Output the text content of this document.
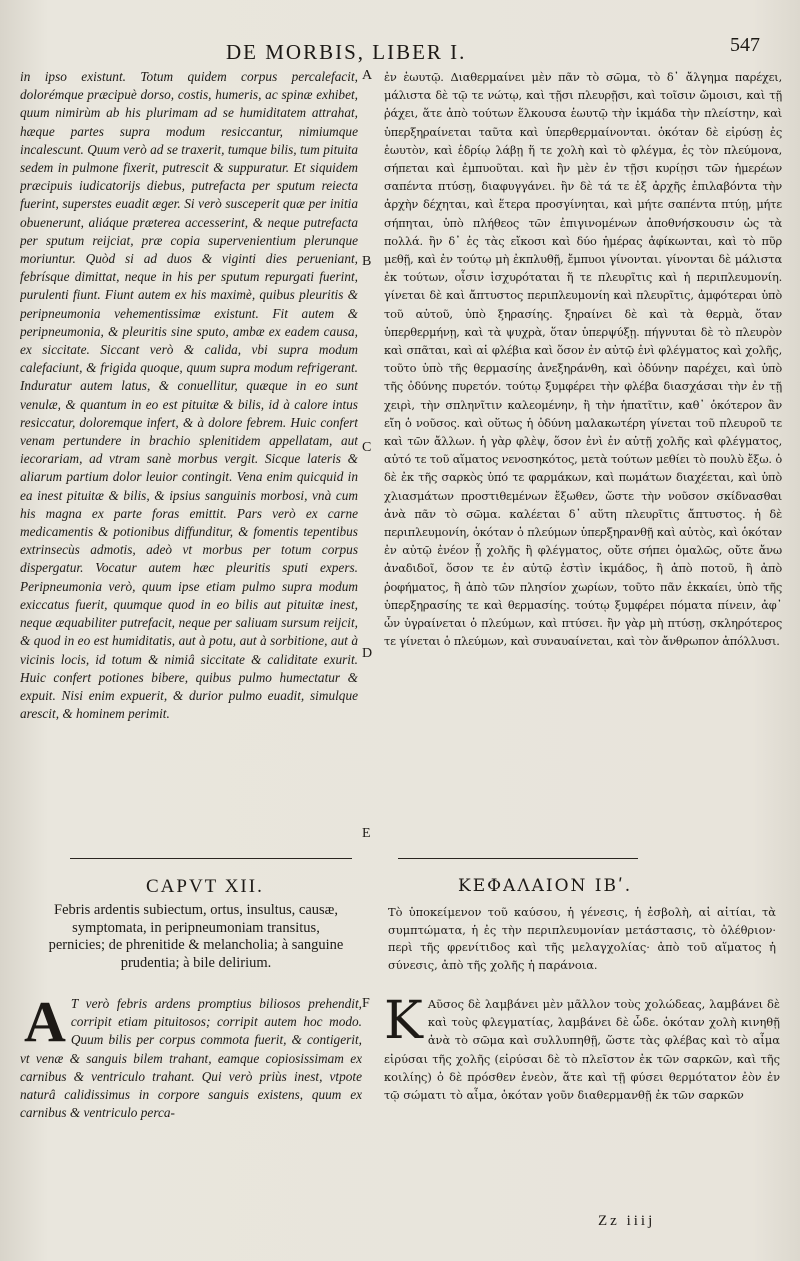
DE MORBIS, LIBER I.	547
in ipso existunt. Totum quidem corpus percalefacit, dolorémque præcipuè dorso, costis, humeris, ac spinæ exhibet, quum nimirùm ab his plurimam ad se humiditatem attrahat, hæque partes supra modum resiccantur, nimiumque incalescunt. Quum verò ad se traxerit, tumque bilis, tum pituita sedem in pulmone fixerit, putrescit & suppuratur. Et siquidem præcipuis iudicatorijs diebus, putrefacta per sputum reiecta fuerint, superstes euadit æger. Si verò susceperit quæ per initia obuenerunt, aliáque præterea accesserint, & neque putrefacta per sputum reijciat, præ copia supervenientium plerunque moriuntur. Quòd si ad duos & viginti dies perueniant, febrísque dimittat, neque in his per sputum repurgati fuerint, purulenti fiunt. Fiunt autem ex his maximè, quibus pleuritis & peripneumonia vehementissimæ existunt. Fit autem & peripneumonia, & pleuritis sine sputo, ambæ ex eadem causa, ex siccitate. Siccant verò & calida, vbi supra modum calefaciunt, & frigida quoque, quum supra modum refrigerant. Induratur autem latus, & conuellitur, quæque in eo sunt venulæ, & quantum in eo est pituitæ & bilis, id à calore intus resiccatur, doloremque infert, & à dolore febrem. Huic confert venam pertundere in brachio splenitidem appellatam, aut iecorariam, ad vtram sanè morbus vergit. Sicque lateris & aliarum partium dolor leuior contingit. Vena enim quicquid in ea inest pituitæ & bilis, & ipsius sanguinis morbosi, vnà cum his magna ex parte foras emittit. Pars verò ex carne medicamentis & potionibus diffunditur, & fomentis tepentibus extrinsecùs admotis, adeò vt morbus per totum corpus dispergatur. Vocatur autem hæc pleuritis sputi expers. Peripneumonia verò, quum ipse etiam pulmo supra modum exiccatus fuerit, quumque quod in eo bilis aut pituitæ inest, neque æquabiliter putrefacit, neque per saliuam sursum reijcit, & quod in eo est humiditatis, aut à potu, aut à sorbitione, aut à vicinis locis, id totum & nimiâ siccitate & caliditate exurit. Huic confert potiones bibere, quibus pulmo humectatur & expuit. Nisi enim expuerit, & durior pulmo euadit, simulque arescit, & hominem perimit.
A
B
C
D
E
F
ἐν ἑωυτῷ. Διαθερμαίνει μὲν πᾶν τὸ σῶμα, τὸ δ᾽ ἄλγημα παρέχει, μάλιστα δὲ τῷ τε νώτῳ, καὶ τῇσι πλευρῇσι, καὶ τοῖσιν ὤμοισι, καὶ τῇ ῥάχει, ἅτε ἀπὸ τούτων ἕλκουσα ἑωυτῷ τὴν ἰκμάδα τὴν πλείστην, καὶ ὑπερξηραίνεται ταῦτα καὶ ὑπερθερμαίνονται. ὁκόταν δὲ εἰρύσῃ ἐς ἑωυτὸν, καὶ ἑδρίῳ λάβῃ ἥ τε χολὴ καὶ τὸ φλέγμα, ἐς τὸν πλεύμονα, σήπεται καὶ ἐμπυοῦται. καὶ ἢν μὲν ἐν τῇσι κυρίῃσι τῶν ἡμερέων σαπέντα πτύσῃ, διαφυγγάνει. ἢν δὲ τά τε ἐξ ἀρχῆς ἐπιλαβόντα τὴν ἀρχὴν δέχηται, καὶ ἕτερα προσγίνηται, καὶ μήτε σαπέντα πτύῃ, μήτε σήπηται, ὑπὸ πλήθεος τῶν ἐπιγινομένων ἀποθνήσκουσιν ὡς τὰ πολλά. ἢν δ᾽ ἐς τὰς εἴκοσι καὶ δύο ἡμέρας ἀφίκωνται, καὶ τὸ πῦρ μεθῇ, καὶ ἐν τούτῳ μὴ ἐκπλυθῇ, ἔμπυοι γίνονται. γίνονται δὲ μάλιστα ἐκ τούτων, οἷσιν ἰσχυρόταται ἥ τε πλευρῖτις καὶ ἡ περιπλευμονίη. γίνεται δὲ καὶ ἄπτυστος περιπλευμονίη καὶ πλευρῖτις, ἀμφότεραι ὑπὸ τοῦ αὐτοῦ, ὑπὸ ξηρασίης. ξηραίνει δὲ καὶ τὰ θερμὰ, ὅταν ὑπερθερμήνῃ, καὶ τὰ ψυχρὰ, ὅταν ὑπερψύξῃ. πήγνυται δὲ τὸ πλευρὸν καὶ σπᾶται, καὶ αἱ φλέβια καὶ ὅσον ἐν αὐτῷ ἐνὶ φλέγματος καὶ χολῆς, τοῦτο ὑπὸ τῆς θερμασίης ἀνεξηράνθη, καὶ ὀδύνην παρέχει, καὶ ὑπὸ τῆς ὀδύνης πυρετόν. τούτῳ ξυμφέρει τὴν φλέβα διασχάσαι τὴν ἐν τῇ χειρὶ, τὴν σπληνῖτιν καλεομένην, ἢ τὴν ἡπατῖτιν, καθ᾽ ὁκότερον ἂν εἴη ὁ νοῦσος. καὶ οὕτως ἡ ὀδύνη μαλακωτέρη γίνεται τοῦ πλευροῦ τε καὶ τῶν ἄλλων. ἡ γὰρ φλὲψ, ὅσον ἐνὶ ἐν αὐτῇ χολῆς καὶ φλέγματος, αὐτό τε τοῦ αἵματος νενοσηκότος, μετὰ τούτων μεθίει τὸ πουλὺ ἔξω. ὁ δὲ ἐκ τῆς σαρκὸς ὑπό τε φαρμάκων, καὶ πωμάτων διαχέεται, καὶ ὑπὸ χλιασμάτων προστιθεμένων ἔξωθεν, ὥστε τὴν νοῦσον σκίδνασθαι ἀνὰ πᾶν τὸ σῶμα. καλέεται δ᾽ αὕτη πλευρῖτις ἄπτυστος. ἡ δὲ περιπλευμονίη, ὁκόταν ὁ πλεύμων ὑπερξηρανθῇ καὶ αὐτὸς, καὶ ὁκόταν ἐν αὐτῷ ἐνέον ᾖ χολῆς ἢ φλέγματος, οὔτε σήπει ὁμαλῶς, οὔτε ἄνω ἀναδιδοῖ, ὅσον τε ἐν αὐτῷ ἐστὶν ἰκμάδος, ἢ ἀπὸ ποτοῦ, ἢ ἀπὸ ῥοφήματος, ἢ ἀπὸ τῶν πλησίον χωρίων, τοῦτο πᾶν ἐκκαίει, ὑπὸ τῆς ὑπερξηρασίης τε καὶ θερμασίης. τούτῳ ξυμφέρει πόματα πίνειν, ἀφ᾽ ὧν ὑγραίνεται ὁ πλεύμων, καὶ πτύσει. ἢν γὰρ μὴ πτύσῃ, σκληρότερος τε γίνεται ὁ πλεύμων, καὶ συναυαίνεται, καὶ τὸν ἄνθρωπον ἀπόλλυσι.
CAPVT XII.	ΚΕΦΑΛΑΙΟΝ ΙΒʹ.
Febris ardentis subiectum, ortus, insultus, causæ, symptomata, in peripneumoniam transitus, pernicies; de phrenitide & melancholia; à sanguine prudentia; à bile delirium.
Τὸ ὑποκείμενον τοῦ καύσου, ἡ γένεσις, ἡ ἐσβολὴ, αἱ αἰτίαι, τὰ συμπτώματα, ἡ ἐς τὴν περιπλευμονίαν μετάστασις, τὸ ὀλέθριον· περὶ τῆς φρενίτιδος καὶ τῆς μελαγχολίας· ἀπὸ τοῦ αἵματος ἡ σύνεσις, ἀπὸ τῆς χολῆς ἡ παράνοια.
A T verò febris ardens promptius biliosos prehendit, corripit etiam pituitosos; corripit autem hoc modo. Quum bilis per corpus commota fuerit, & contigerit, vt venæ & sanguis bilem trahant, eamque copiosissimam ex carnibus & ventriculo trahant. Qui verò priùs inest, vtpote naturâ calidissimus in corpore sanguis existens, quum ex carnibus & ventriculo perca-
Κ Αῦσος δὲ λαμβάνει μὲν μᾶλλον τοὺς χολώδεας, λαμβάνει δὲ καὶ τοὺς φλεγματίας, λαμβάνει δὲ ὧδε. ὁκόταν χολὴ κινηθῇ ἀνὰ τὸ σῶμα καὶ συλλυπηθῇ, ὥστε τὰς φλέβας καὶ τὸ αἷμα εἰρύσαι τῆς χολῆς (εἰρύσαι δὲ τὸ πλεῖστον ἐκ τῶν σαρκῶν, καὶ τῆς κοιλίης) ὁ δὲ πρόσθεν ἐνεὸν, ἅτε καὶ τῇ φύσει θερμότατον ἐὸν ἐν τῷ σώματι τὸ αἷμα, ὁκόταν γοῦν διαθερμανθῇ ἐκ τῶν σαρκῶν
Zz iiij
